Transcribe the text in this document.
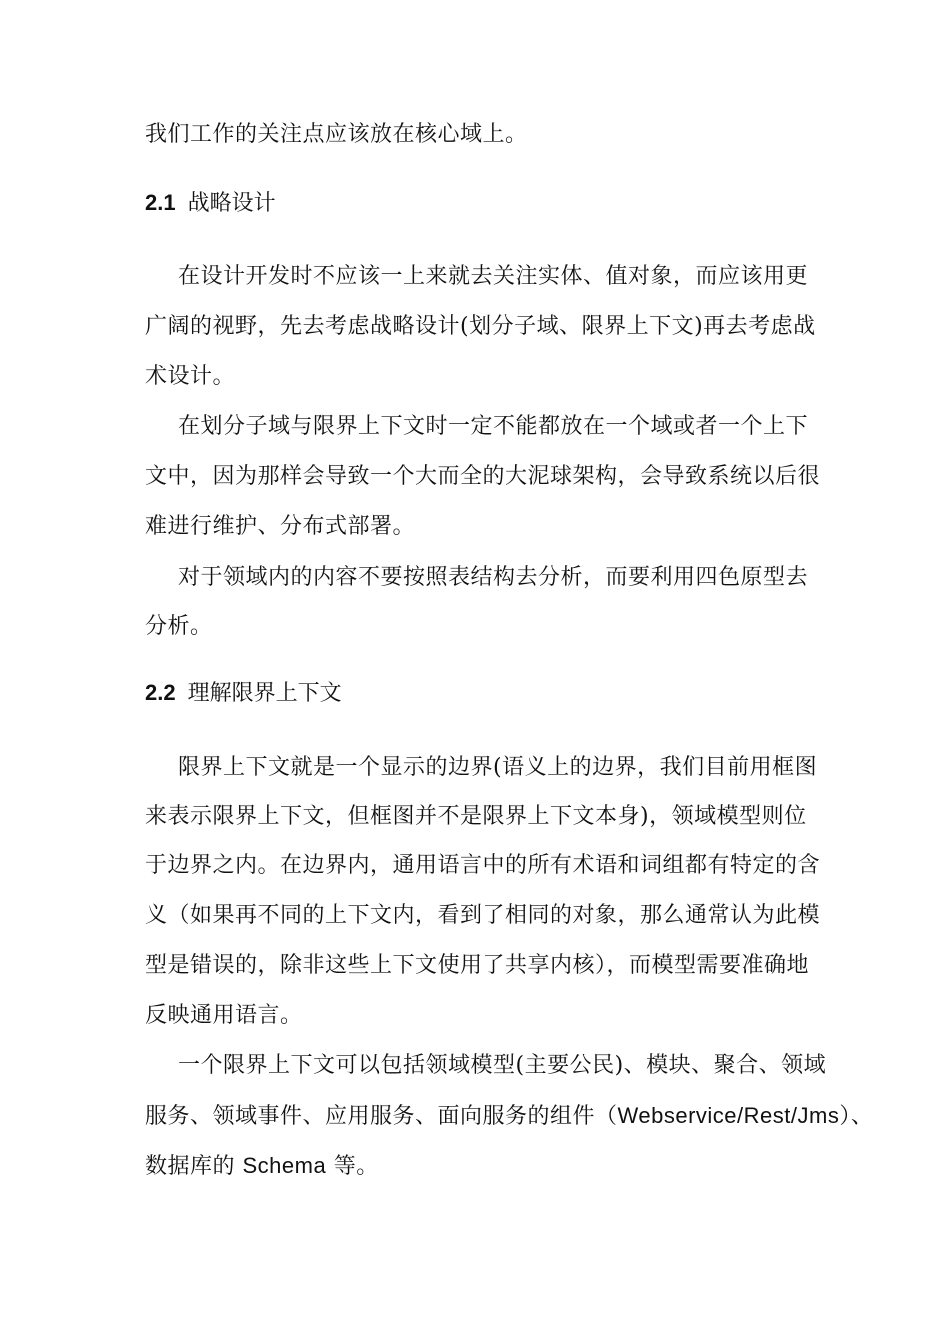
我们工作的关注点应该放在核心域上。
2.1 战略设计
在设计开发时不应该一上来就去关注实体、值对象，而应该用更
广阔的视野，先去考虑战略设计(划分子域、限界上下文)再去考虑战
术设计。
在划分子域与限界上下文时一定不能都放在一个域或者一个上下
文中，因为那样会导致一个大而全的大泥球架构，会导致系统以后很
难进行维护、分布式部署。
对于领域内的内容不要按照表结构去分析，而要利用四色原型去
分析。
2.2 理解限界上下文
限界上下文就是一个显示的边界(语义上的边界，我们目前用框图
来表示限界上下文，但框图并不是限界上下文本身)，领域模型则位
于边界之内。在边界内，通用语言中的所有术语和词组都有特定的含
义（如果再不同的上下文内，看到了相同的对象，那么通常认为此模
型是错误的，除非这些上下文使用了共享内核），而模型需要准确地
反映通用语言。
一个限界上下文可以包括领域模型(主要公民)、模块、聚合、领域
服务、领域事件、应用服务、面向服务的组件（Webservice/Rest/Jms）、
数据库的 Schema 等。
